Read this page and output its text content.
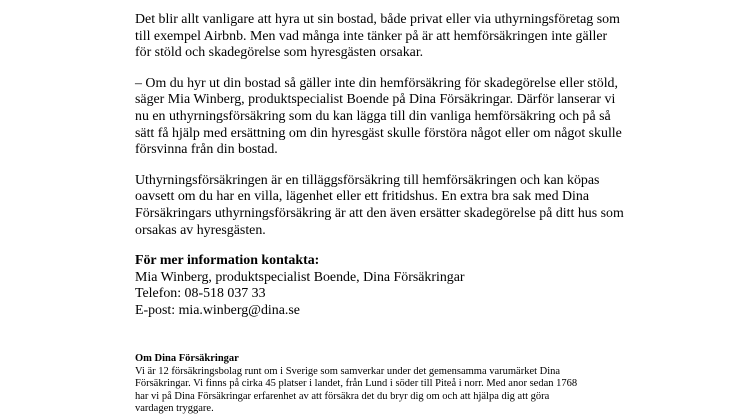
Det blir allt vanligare att hyra ut sin bostad, både privat eller via uthyrningsföretag som
till exempel Airbnb. Men vad många inte tänker på är att hemförsäkringen inte gäller
för stöld och skadegörelse som hyresgästen orsakar.

– Om du hyr ut din bostad så gäller inte din hemförsäkring för skadegörelse eller stöld,
säger Mia Winberg, produktspecialist Boende på Dina Försäkringar. Därför lanserar vi
nu en uthyrningsförsäkring som du kan lägga till din vanliga hemförsäkring och på så
sätt få hjälp med ersättning om din hyresgäst skulle förstöra något eller om något skulle
försvinna från din bostad.

Uthyrningsförsäkringen är en tilläggsförsäkring till hemförsäkringen och kan köpas
oavsett om du har en villa, lägenhet eller ett fritidshus. En extra bra sak med Dina
Försäkringars uthyrningsförsäkring är att den även ersätter skadegörelse på ditt hus som
orsakas av hyresgästen.

För mer information kontakta:
Mia Winberg, produktspecialist Boende, Dina Försäkringar
Telefon: 08-518 037 33
E-post: mia.winberg@dina.se
Om Dina Försäkringar
Vi är 12 försäkringsbolag runt om i Sverige som samverkar under det gemensamma varumärket Dina
Försäkringar. Vi finns på cirka 45 platser i landet, från Lund i söder till Piteå i norr. Med anor sedan 1768
har vi på Dina Försäkringar erfarenhet av att försäkra det du bryr dig om och att hjälpa dig att göra
vardagen tryggare.
